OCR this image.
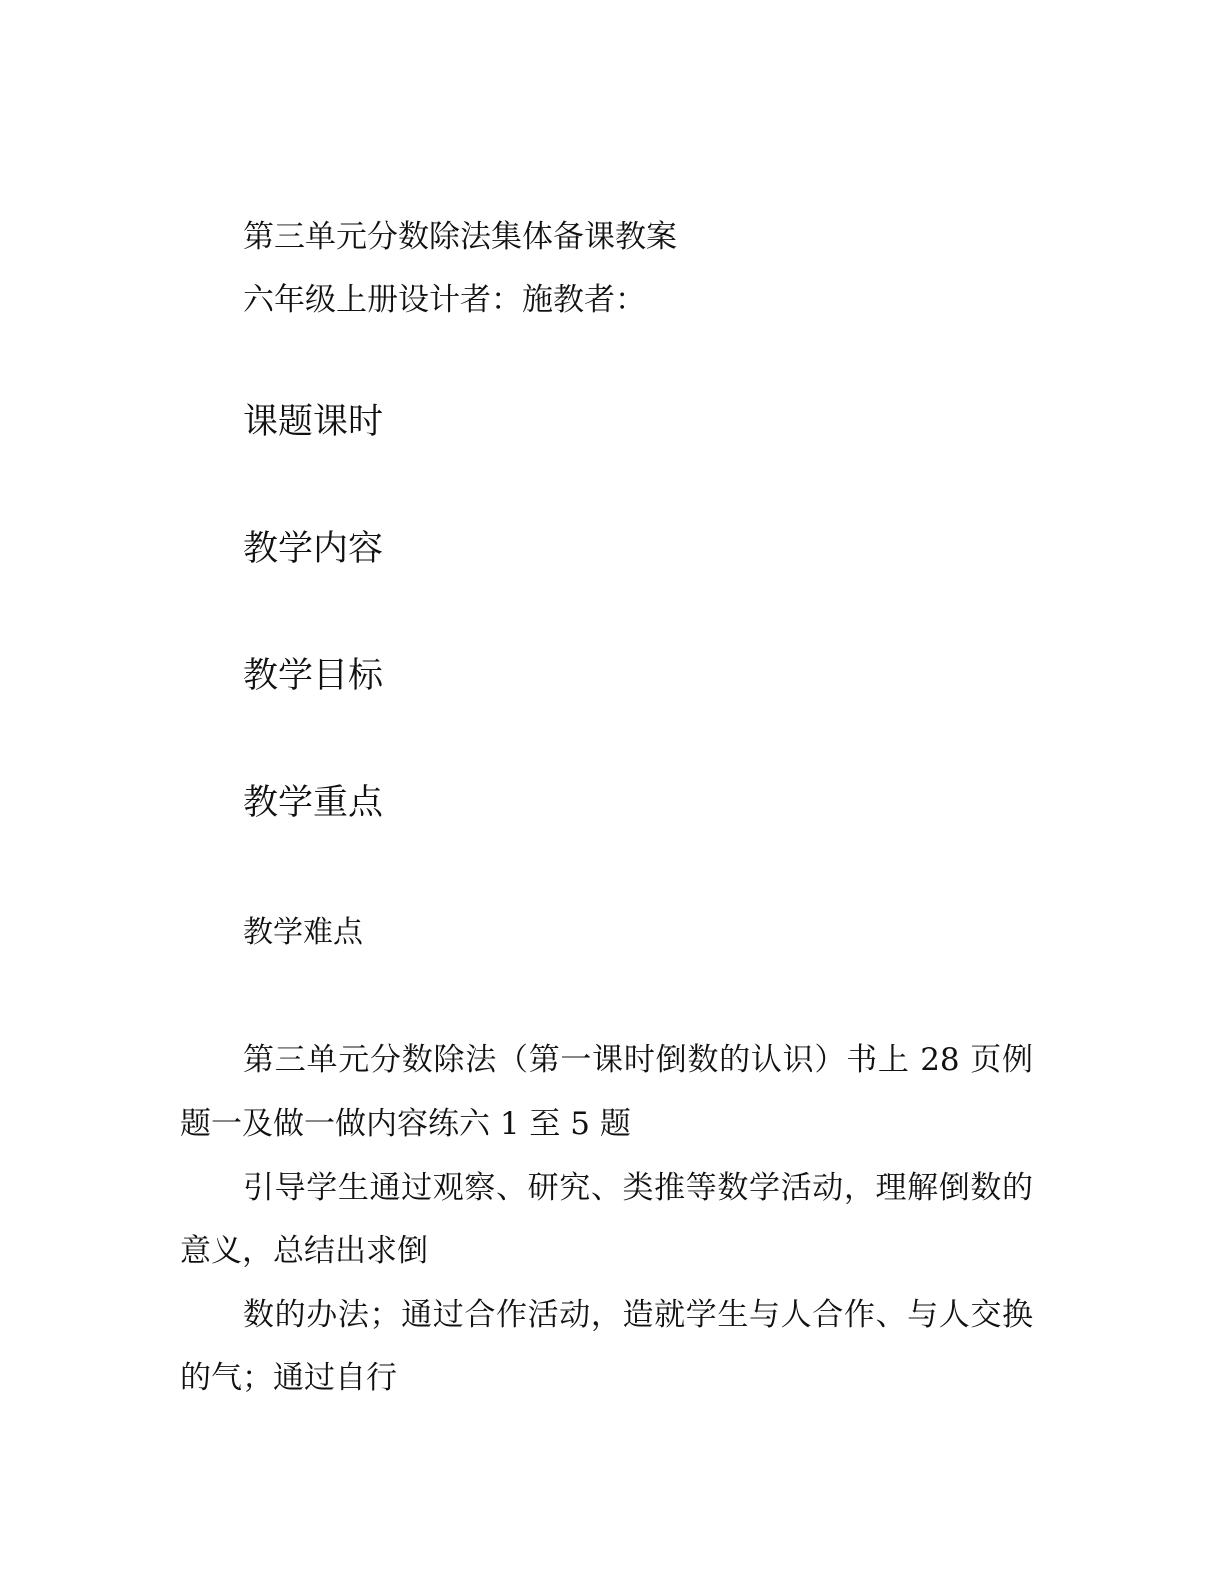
第三单元分数除法集体备课教案
六年级上册设计者：施教者：
课题课时
教学内容
教学目标
教学重点
教学难点
第三单元分数除法（第一课时倒数的认识）书上 28 页例
题一及做一做内容练六 1 至 5 题
引导学生通过观察、研究、类推等数学活动，理解倒数的
意义，总结出求倒
数的办法；通过合作活动，造就学生与人合作、与人交换
的气；通过自行
